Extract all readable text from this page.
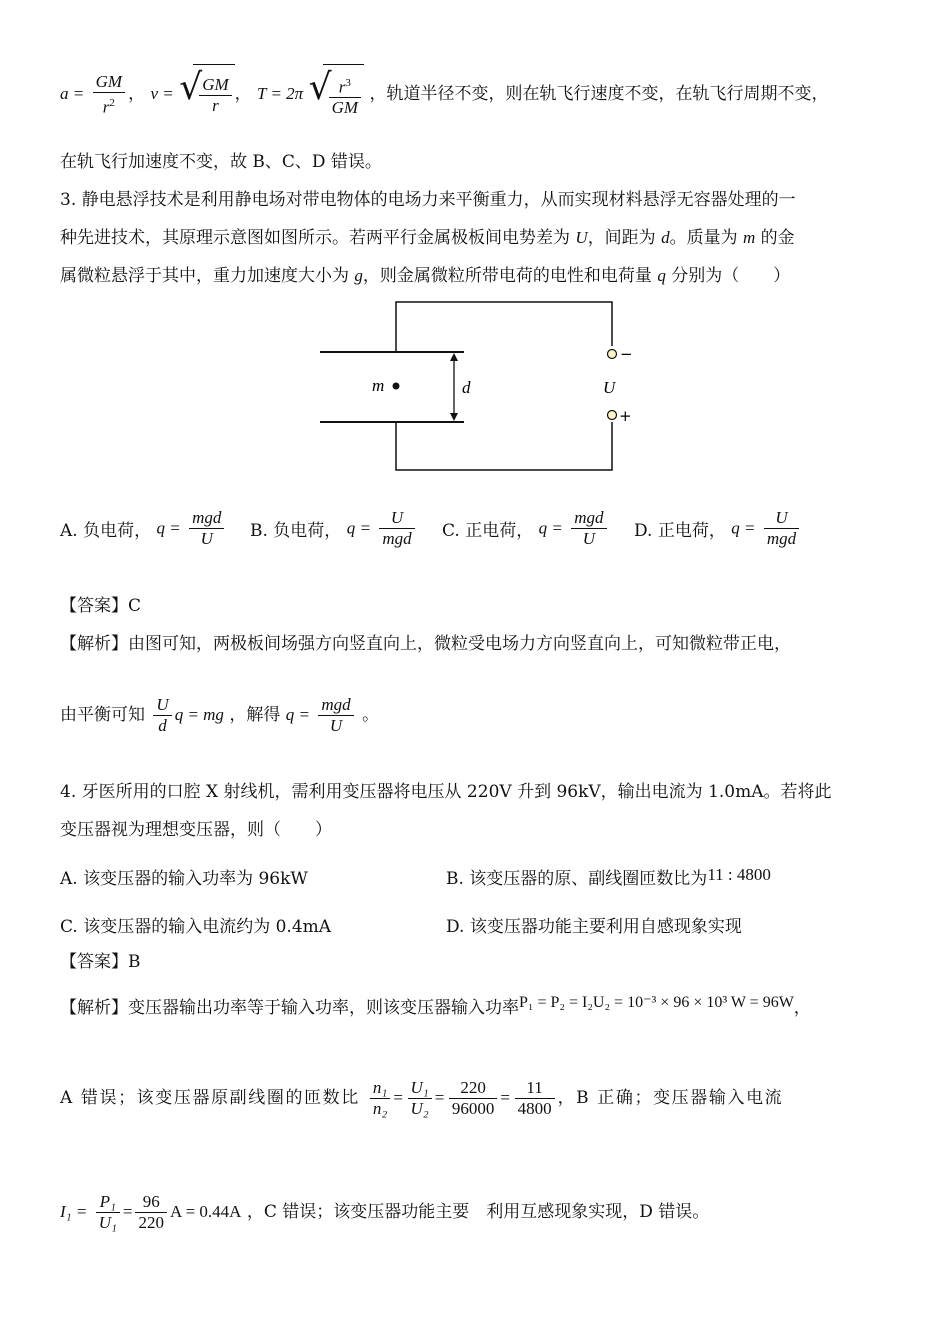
$a = \frac{GM}{r^2}$ ， v = √ $\frac{GM}{r}$ ， T = 2π √ $\frac{r^3}{GM}$ ，轨道半径不变，则在轨飞行速度不变，在轨飞行周期不变，
在轨飞行加速度不变，故 B、C、D 错误。
3. 静电悬浮技术是利用静电场对带电物体的电场力来平衡重力，从而实现材料悬浮无容器处理的一
种先进技术，其原理示意图如图所示。若两平行金属极板间电势差为 U，间距为 d。质量为 m 的金
属微粒悬浮于其中，重力加速度大小为 g，则金属微粒所带电荷的电性和电荷量 q 分别为（　　）
m	d
−
+
U
A. 负电荷， $q = \frac{\text{mgd}}{U} B$. 负电荷， $q = \frac{U}{\text{mgd}} C$. 正电荷， $q = \frac{\text{mgd}}{U} D$. 正电荷， $q = \frac{U}{\text{mgd}}$
【答案】C
【解析】由图可知，两极板间场强方向竖直向上，微粒受电场力方向竖直向上，可知微粒带正电，
由平衡可知 $\frac{U}{d}$ q = mg ，解得 $q = \frac{\text{mgd}}{U}$ 。
4. 牙医所用的口腔 X 射线机，需利用变压器将电压从 220V 升到 96kV，输出电流为 1.0mA。若将此
变压器视为理想变压器，则（　　）
A. 该变压器的输入功率为 96kW	B. 该变压器的原、副线圈匝数比为11 : 4800
C. 该变压器的输入电流约为 0.4mA	D. 该变压器功能主要利用自感现象实现
【答案】B
【解析】变压器输出功率等于输入功率，则该变压器输入功率P₁ = P₂ = I₂U₂ = 10⁻³ × 96 × 10³ W = 96W，
A 错误；该变压器原副线圈的匝数比 $\frac{\text{n₁}}{\text{n₂}} = \frac{\text{U₁}}{\text{U₂}} = \frac{220}{96000} = \frac{11}{4800}$ ，B 正确；变压器输入电流
$I_1 = \frac{\text{P₁}}{\text{U₁}} = \frac{96}{220}$ A = 0.44A ，C 错误；该变压器功能主要　利用互感现象实现，D 错误。
